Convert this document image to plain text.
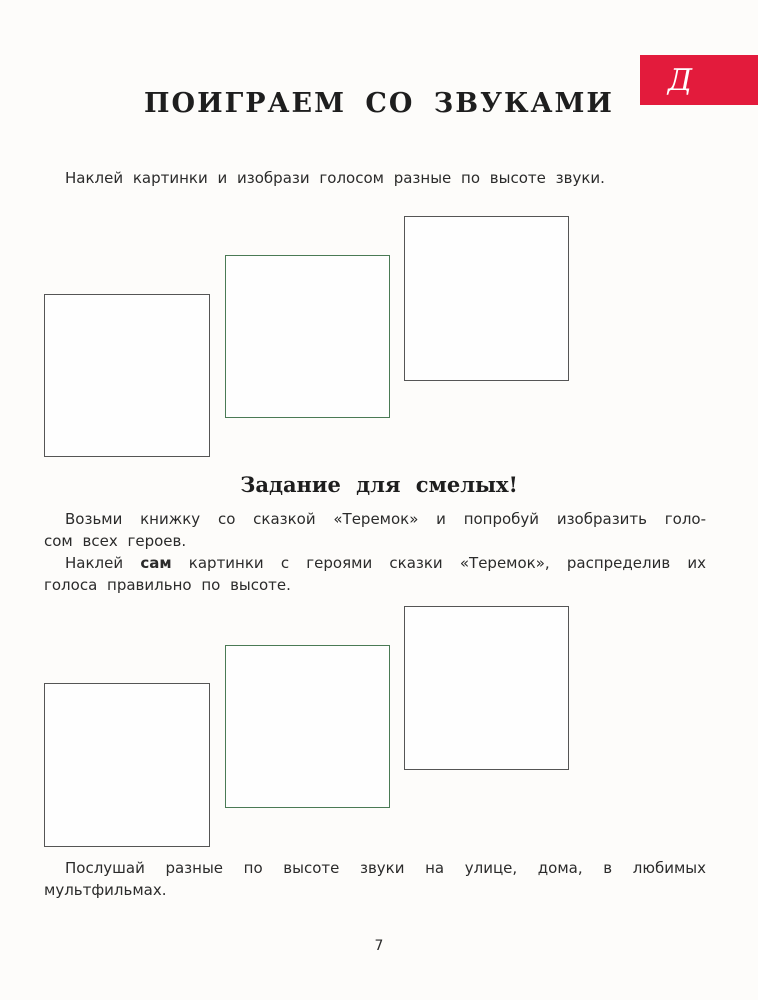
Д
ПОИГРАЕМ СО ЗВУКАМИ
Наклей картинки и изобрази голосом разные по высоте звуки.
Задание для смелых!
Возьми книжку со сказкой «Теремок» и попробуй изобразить голо-
сом всех героев.
Наклей сам картинки с героями сказки «Теремок», распределив их
голоса правильно по высоте.
Послушай разные по высоте звуки на улице, дома, в любимых
мультфильмах.
7
